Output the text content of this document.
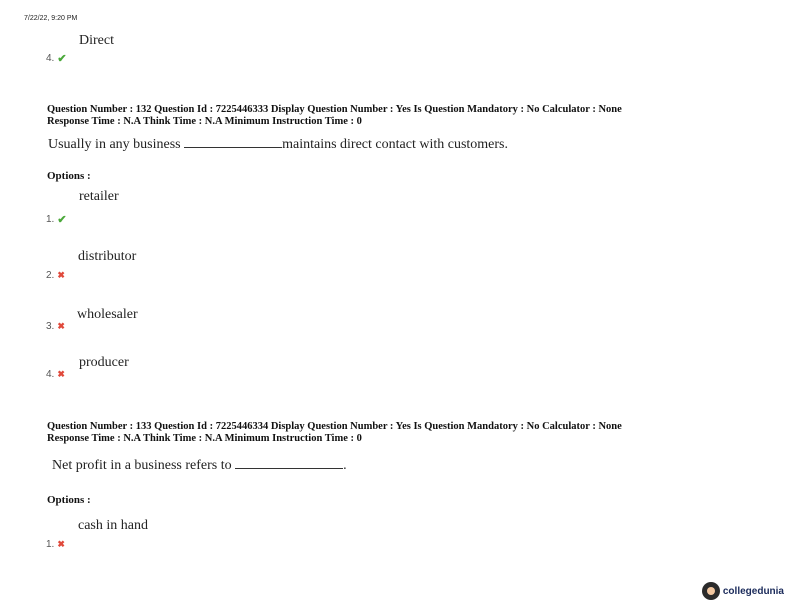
7/22/22, 9:20 PM
Direct
4. ✔
Question Number : 132 Question Id : 7225446333 Display Question Number : Yes Is Question Mandatory : No Calculator : None
Response Time : N.A Think Time : N.A Minimum Instruction Time : 0
Usually in any business	maintains direct contact with customers.
Options :
retailer
1. ✔
distributor
2. ✖
wholesaler
3. ✖
producer
4. ✖
Question Number : 133 Question Id : 7225446334 Display Question Number : Yes Is Question Mandatory : No Calculator : None
Response Time : N.A Think Time : N.A Minimum Instruction Time : 0
Net profit in a business refers to	.
Options :
cash in hand
1. ✖
collegedunia
